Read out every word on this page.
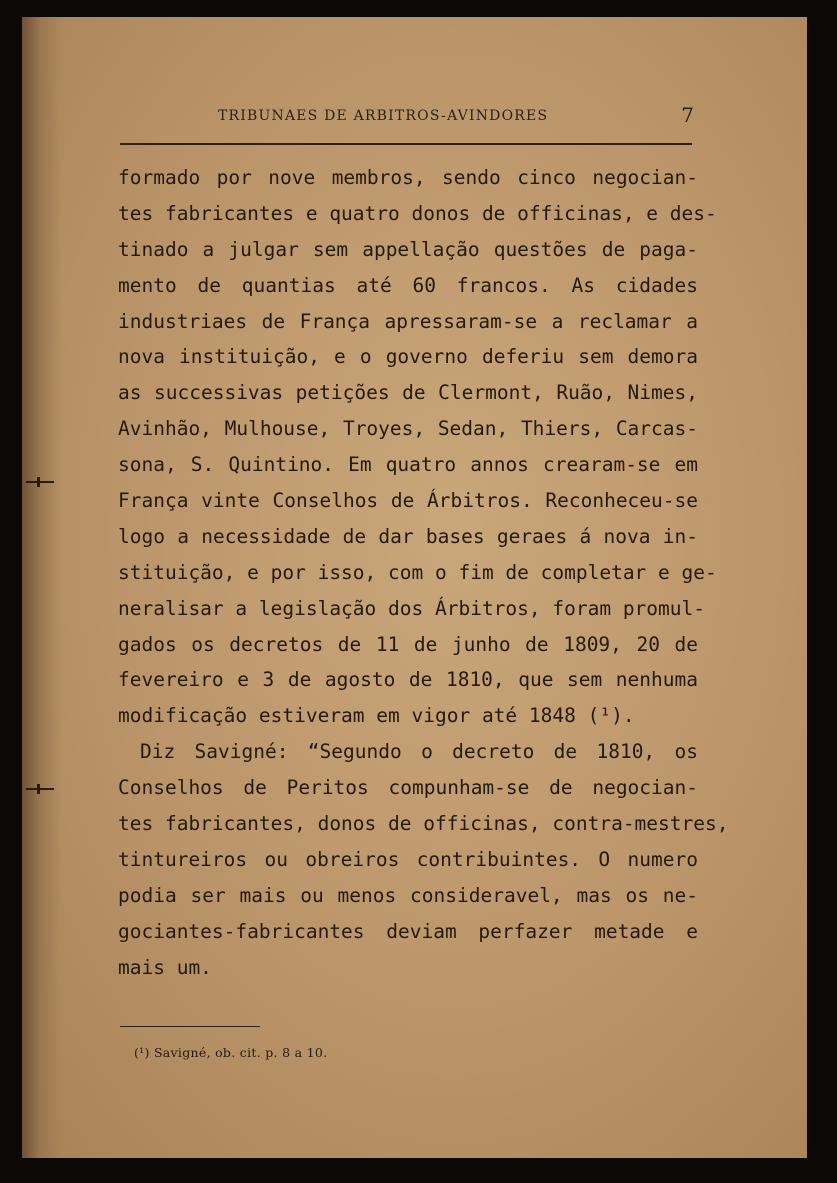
TRIBUNAES DE ARBITROS-AVINDORES	7
formado por nove membros, sendo cinco negocian-
tes fabricantes e quatro donos de officinas, e des-
tinado a julgar sem appellação questões de paga-
mento de quantias até 60 francos. As cidades
industriaes de França apressaram-se a reclamar a
nova instituição, e o governo deferiu sem demora
as successivas petições de Clermont, Ruão, Nimes,
Avinhão, Mulhouse, Troyes, Sedan, Thiers, Carcas-
sona, S. Quintino. Em quatro annos crearam-se em
França vinte Conselhos de Árbitros. Reconheceu-se
logo a necessidade de dar bases geraes á nova in-
stituição, e por isso, com o fim de completar e ge-
neralisar a legislação dos Árbitros, foram promul-
gados os decretos de 11 de junho de 1809, 20 de
fevereiro e 3 de agosto de 1810, que sem nenhuma
modificação estiveram em vigor até 1848 (¹).
Diz Savigné: “Segundo o decreto de 1810, os
Conselhos de Peritos compunham-se de negocian-
tes fabricantes, donos de officinas, contra-mestres,
tintureiros ou obreiros contribuintes. O numero
podia ser mais ou menos consideravel, mas os ne-
gociantes-fabricantes deviam perfazer metade e
mais um.
(¹) Savigné, ob. cit. p. 8 a 10.
